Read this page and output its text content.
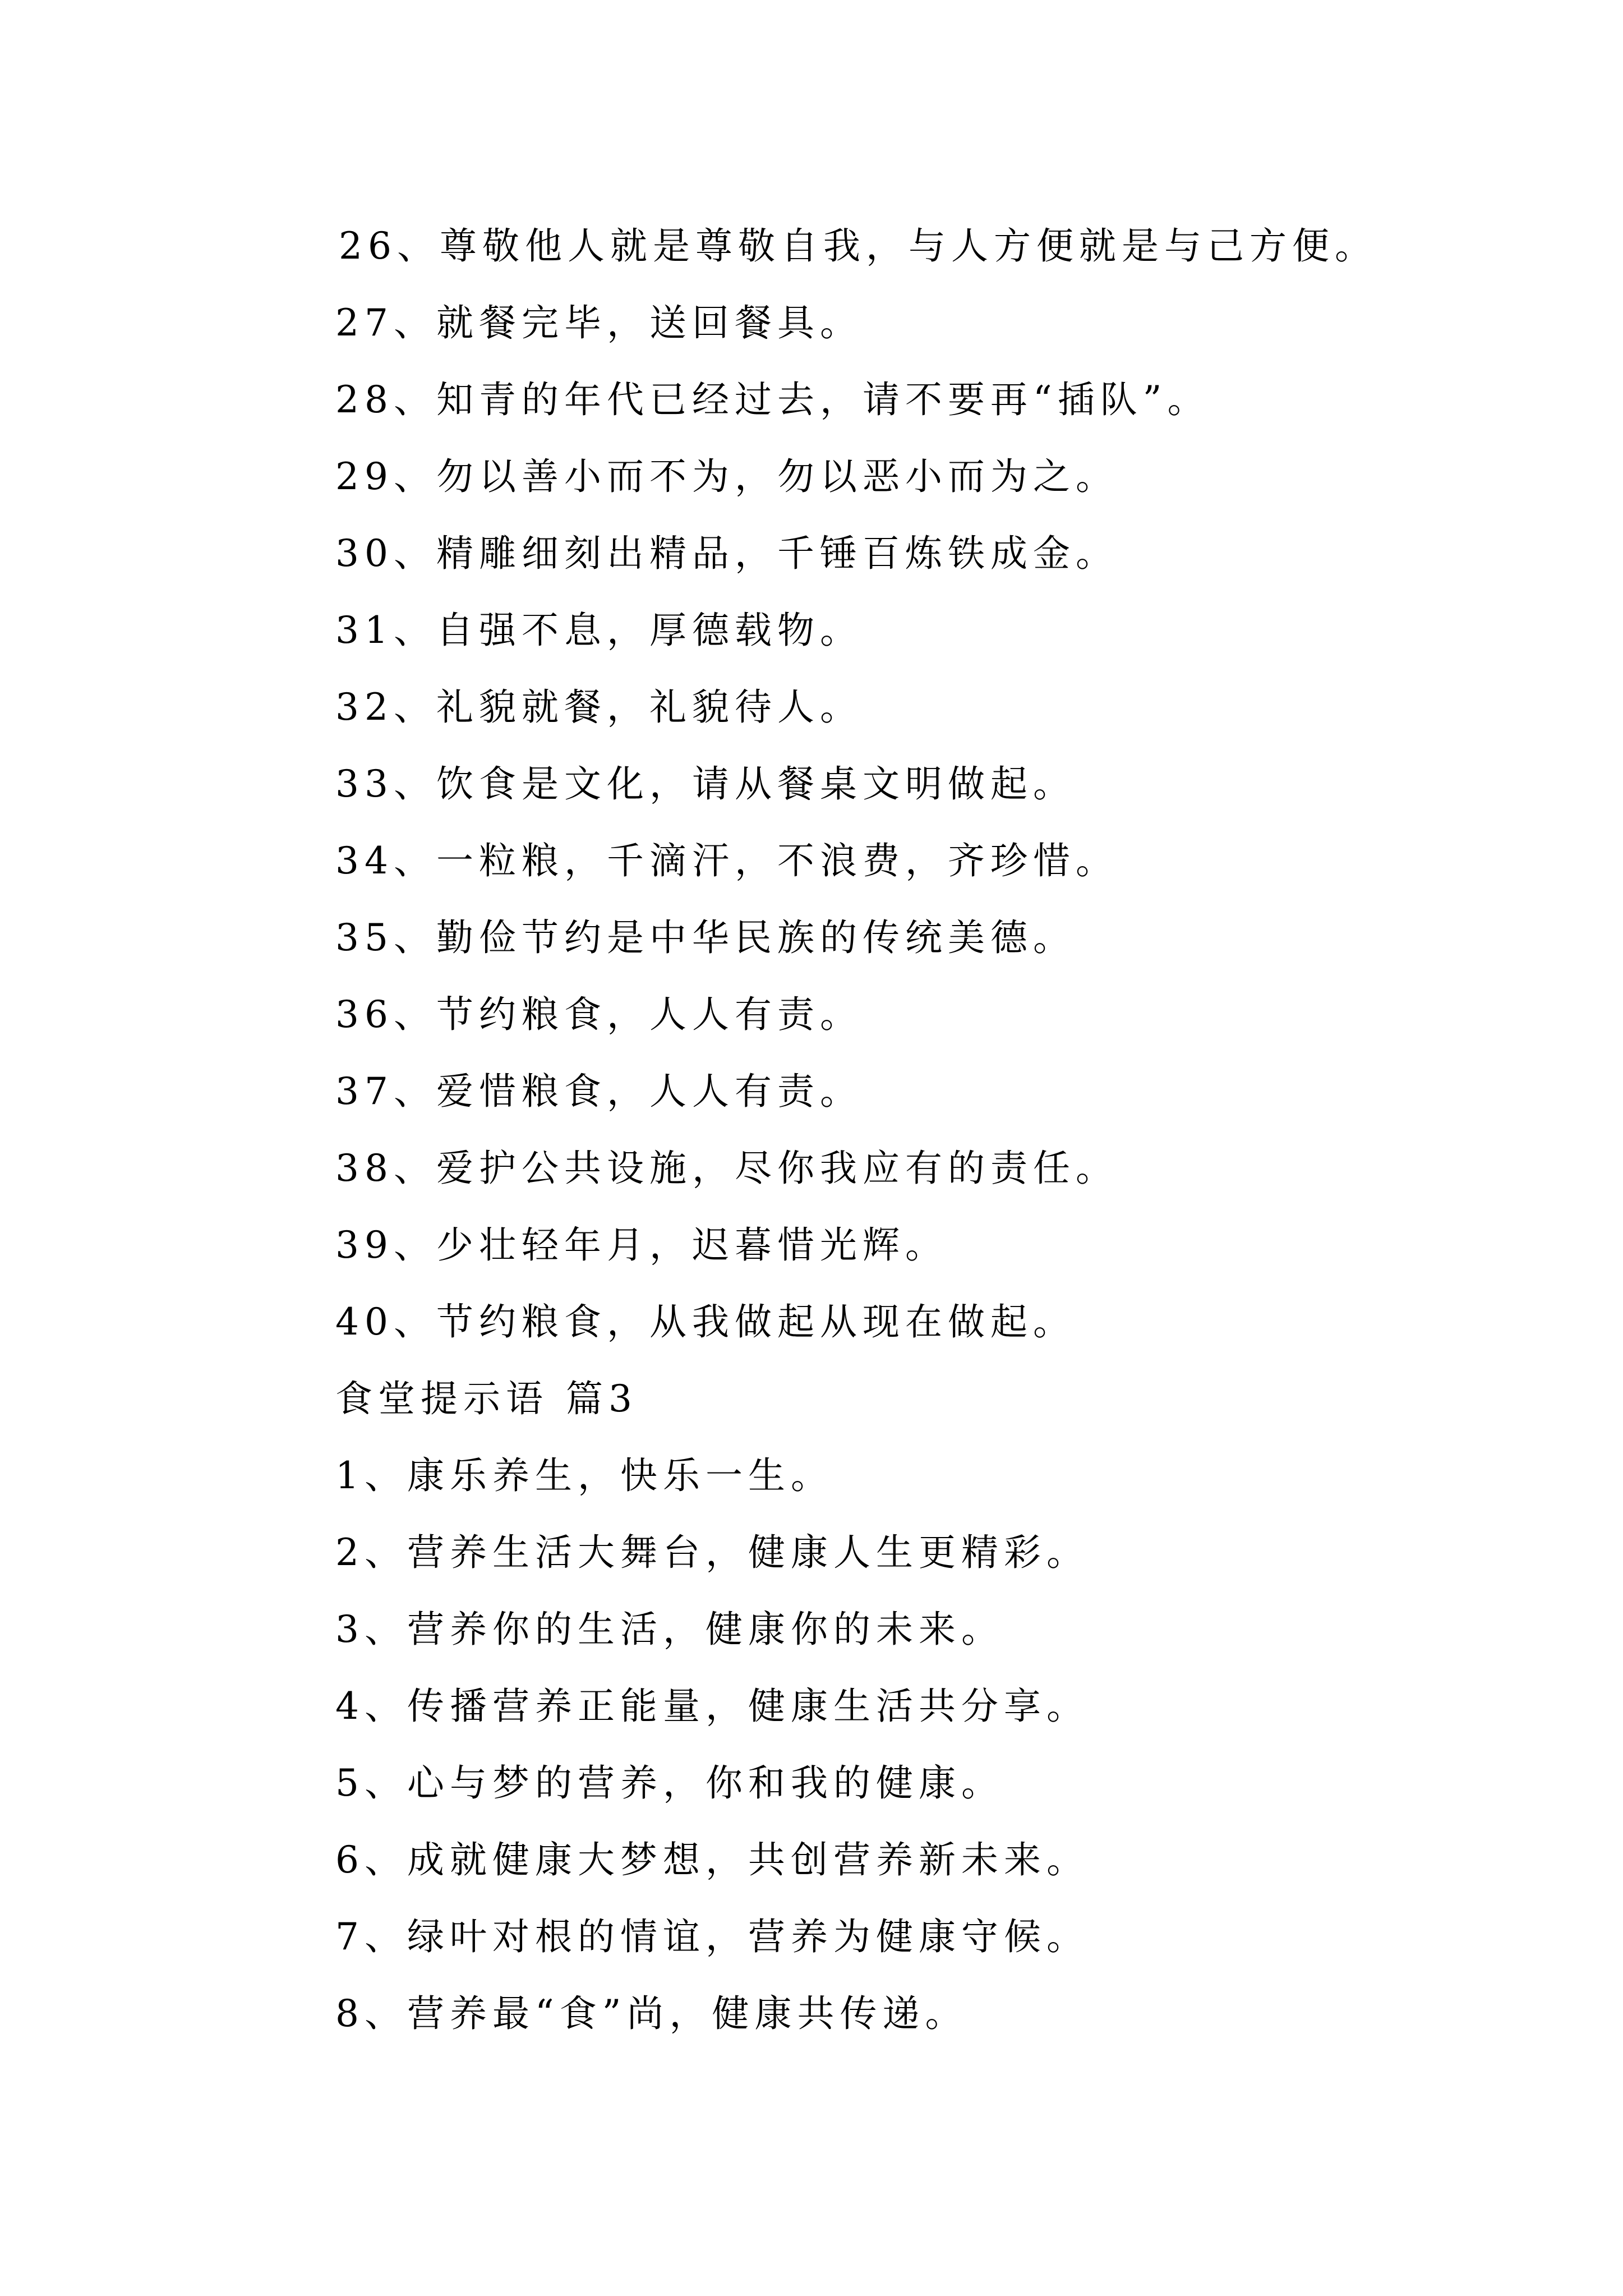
26、尊敬他人就是尊敬自我，与人方便就是与己方便。
27、就餐完毕，送回餐具。
28、知青的年代已经过去，请不要再“插队”。
29、勿以善小而不为，勿以恶小而为之。
30、精雕细刻出精品，千锤百炼铁成金。
31、自强不息，厚德载物。
32、礼貌就餐，礼貌待人。
33、饮食是文化，请从餐桌文明做起。
34、一粒粮，千滴汗，不浪费，齐珍惜。
35、勤俭节约是中华民族的传统美德。
36、节约粮食，人人有责。
37、爱惜粮食，人人有责。
38、爱护公共设施，尽你我应有的责任。
39、少壮轻年月，迟暮惜光辉。
40、节约粮食，从我做起从现在做起。
食堂提示语 篇3
1、康乐养生，快乐一生。
2、营养生活大舞台，健康人生更精彩。
3、营养你的生活，健康你的未来。
4、传播营养正能量，健康生活共分享。
5、心与梦的营养，你和我的健康。
6、成就健康大梦想，共创营养新未来。
7、绿叶对根的情谊，营养为健康守候。
8、营养最“食”尚，健康共传递。
